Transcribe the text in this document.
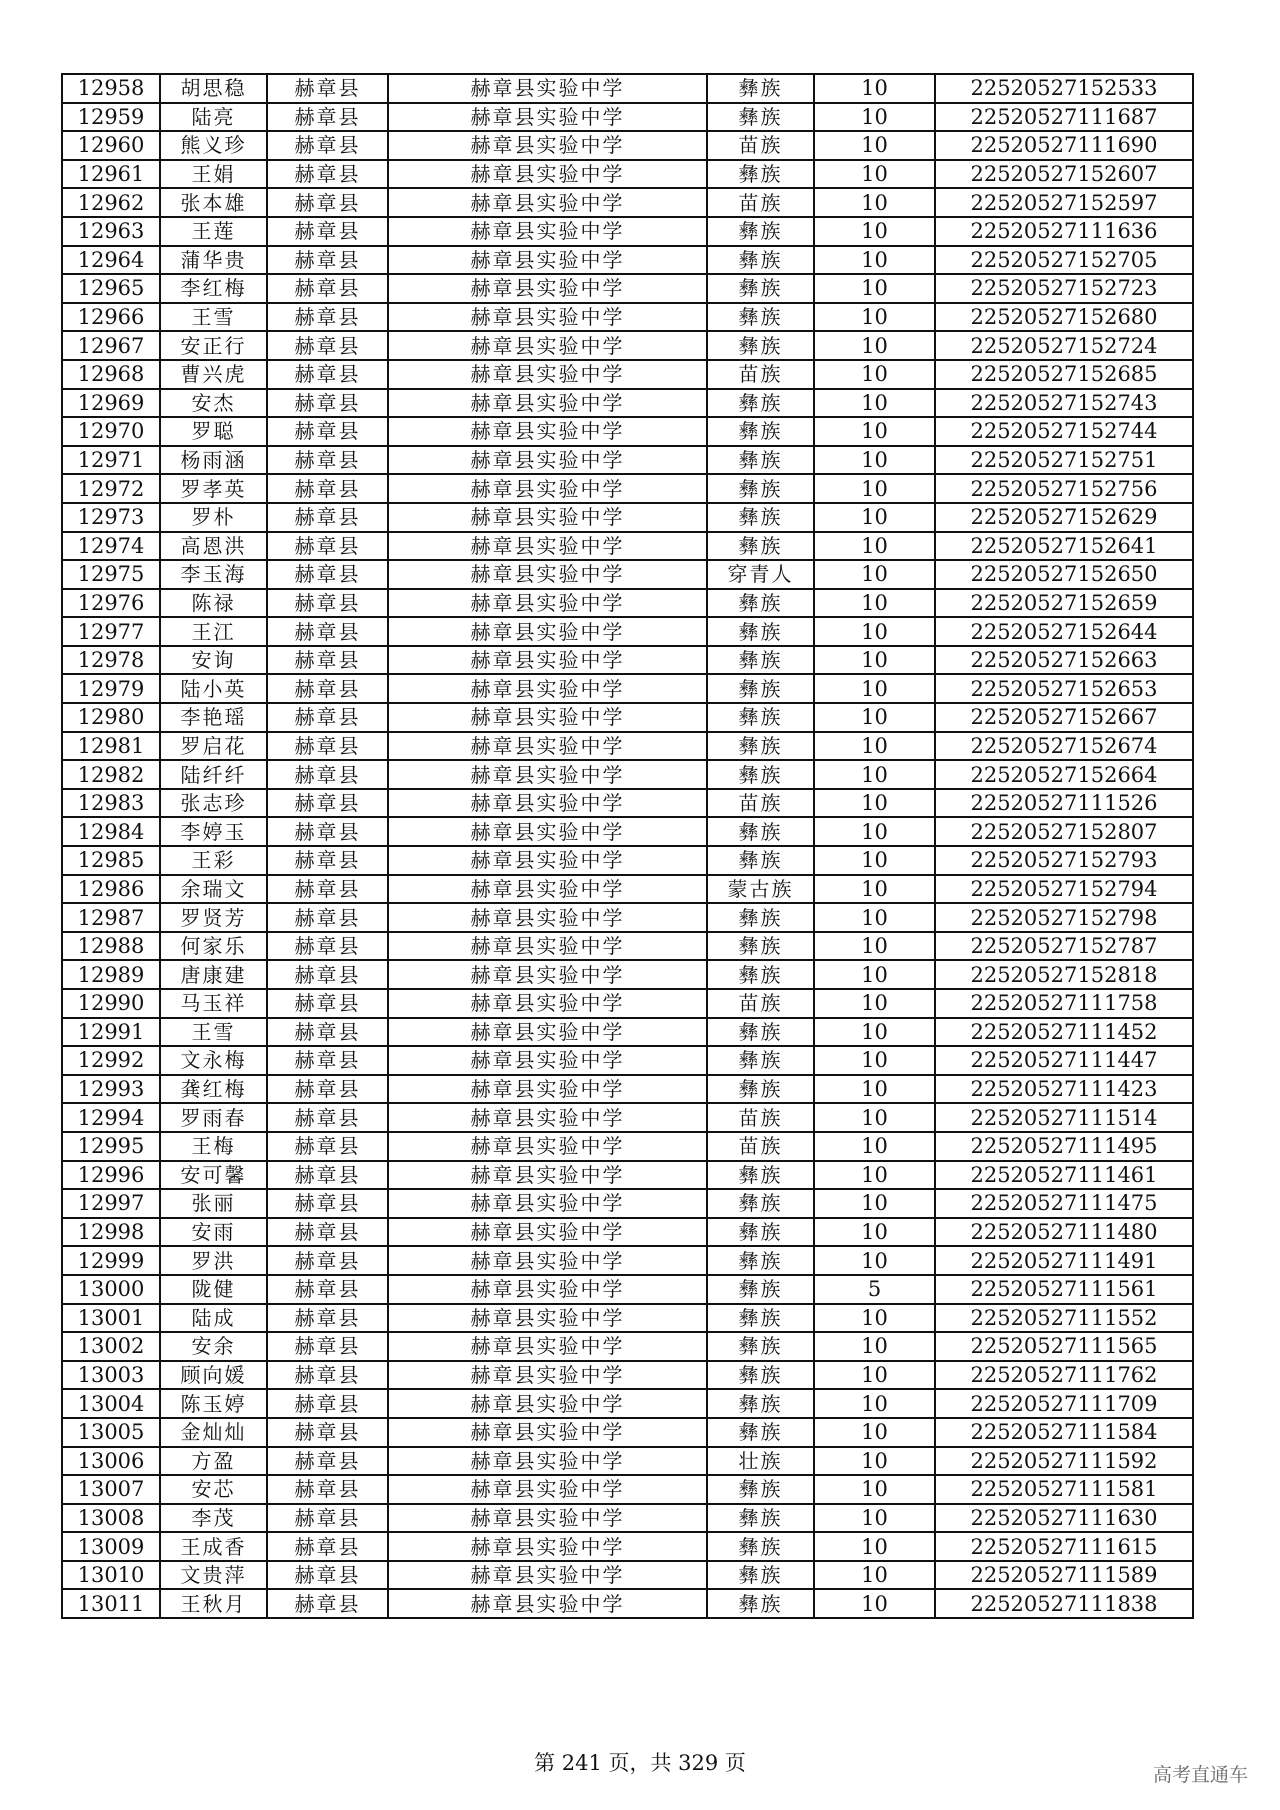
12958	胡思稳	赫章县	赫章县实验中学	彝族	10	22520527152533
12959	陆亮	赫章县	赫章县实验中学	彝族	10	22520527111687
12960	熊义珍	赫章县	赫章县实验中学	苗族	10	22520527111690
12961	王娟	赫章县	赫章县实验中学	彝族	10	22520527152607
12962	张本雄	赫章县	赫章县实验中学	苗族	10	22520527152597
12963	王莲	赫章县	赫章县实验中学	彝族	10	22520527111636
12964	蒲华贵	赫章县	赫章县实验中学	彝族	10	22520527152705
12965	李红梅	赫章县	赫章县实验中学	彝族	10	22520527152723
12966	王雪	赫章县	赫章县实验中学	彝族	10	22520527152680
12967	安正行	赫章县	赫章县实验中学	彝族	10	22520527152724
12968	曹兴虎	赫章县	赫章县实验中学	苗族	10	22520527152685
12969	安杰	赫章县	赫章县实验中学	彝族	10	22520527152743
12970	罗聪	赫章县	赫章县实验中学	彝族	10	22520527152744
12971	杨雨涵	赫章县	赫章县实验中学	彝族	10	22520527152751
12972	罗孝英	赫章县	赫章县实验中学	彝族	10	22520527152756
12973	罗朴	赫章县	赫章县实验中学	彝族	10	22520527152629
12974	高恩洪	赫章县	赫章县实验中学	彝族	10	22520527152641
12975	李玉海	赫章县	赫章县实验中学	穿青人	10	22520527152650
12976	陈禄	赫章县	赫章县实验中学	彝族	10	22520527152659
12977	王江	赫章县	赫章县实验中学	彝族	10	22520527152644
12978	安询	赫章县	赫章县实验中学	彝族	10	22520527152663
12979	陆小英	赫章县	赫章县实验中学	彝族	10	22520527152653
12980	李艳瑶	赫章县	赫章县实验中学	彝族	10	22520527152667
12981	罗启花	赫章县	赫章县实验中学	彝族	10	22520527152674
12982	陆纤纤	赫章县	赫章县实验中学	彝族	10	22520527152664
12983	张志珍	赫章县	赫章县实验中学	苗族	10	22520527111526
12984	李婷玉	赫章县	赫章县实验中学	彝族	10	22520527152807
12985	王彩	赫章县	赫章县实验中学	彝族	10	22520527152793
12986	余瑞文	赫章县	赫章县实验中学	蒙古族	10	22520527152794
12987	罗贤芳	赫章县	赫章县实验中学	彝族	10	22520527152798
12988	何家乐	赫章县	赫章县实验中学	彝族	10	22520527152787
12989	唐康建	赫章县	赫章县实验中学	彝族	10	22520527152818
12990	马玉祥	赫章县	赫章县实验中学	苗族	10	22520527111758
12991	王雪	赫章县	赫章县实验中学	彝族	10	22520527111452
12992	文永梅	赫章县	赫章县实验中学	彝族	10	22520527111447
12993	龚红梅	赫章县	赫章县实验中学	彝族	10	22520527111423
12994	罗雨春	赫章县	赫章县实验中学	苗族	10	22520527111514
12995	王梅	赫章县	赫章县实验中学	苗族	10	22520527111495
12996	安可馨	赫章县	赫章县实验中学	彝族	10	22520527111461
12997	张丽	赫章县	赫章县实验中学	彝族	10	22520527111475
12998	安雨	赫章县	赫章县实验中学	彝族	10	22520527111480
12999	罗洪	赫章县	赫章县实验中学	彝族	10	22520527111491
13000	陇健	赫章县	赫章县实验中学	彝族	5	22520527111561
13001	陆成	赫章县	赫章县实验中学	彝族	10	22520527111552
13002	安余	赫章县	赫章县实验中学	彝族	10	22520527111565
13003	顾向媛	赫章县	赫章县实验中学	彝族	10	22520527111762
13004	陈玉婷	赫章县	赫章县实验中学	彝族	10	22520527111709
13005	金灿灿	赫章县	赫章县实验中学	彝族	10	22520527111584
13006	方盈	赫章县	赫章县实验中学	壮族	10	22520527111592
13007	安芯	赫章县	赫章县实验中学	彝族	10	22520527111581
13008	李茂	赫章县	赫章县实验中学	彝族	10	22520527111630
13009	王成香	赫章县	赫章县实验中学	彝族	10	22520527111615
13010	文贵萍	赫章县	赫章县实验中学	彝族	10	22520527111589
13011	王秋月	赫章县	赫章县实验中学	彝族	10	22520527111838
第 241 页，共 329 页	高考直通车
